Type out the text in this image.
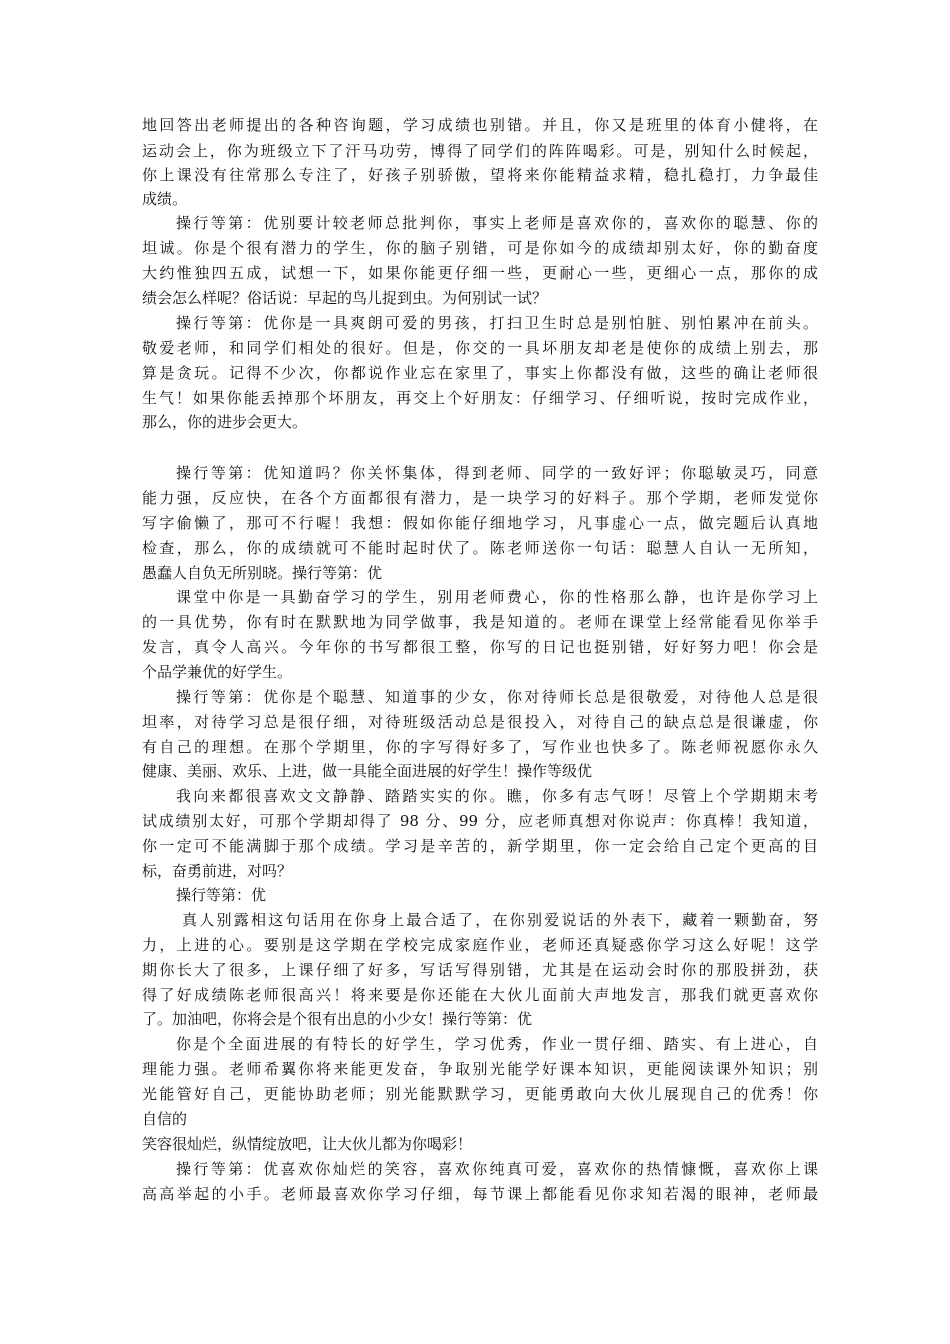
地回答出老师提出的各种咨询题，学习成绩也别错。并且，你又是班里的体育小健将，在
运动会上，你为班级立下了汗马功劳，博得了同学们的阵阵喝彩。可是，别知什么时候起，
你上课没有往常那么专注了，好孩子别骄傲，望将来你能精益求精，稳扎稳打，力争最佳
成绩。
操行等第：优别要计较老师总批判你，事实上老师是喜欢你的，喜欢你的聪慧、你的
坦诚。你是个很有潜力的学生，你的脑子别错，可是你如今的成绩却别太好，你的勤奋度
大约惟独四五成，试想一下，如果你能更仔细一些，更耐心一些，更细心一点，那你的成
绩会怎么样呢？俗话说：早起的鸟儿捉到虫。为何别试一试？
操行等第：优你是一具爽朗可爱的男孩，打扫卫生时总是别怕脏、别怕累冲在前头。
敬爱老师，和同学们相处的很好。但是，你交的一具坏朋友却老是使你的成绩上别去，那
算是贪玩。记得不少次，你都说作业忘在家里了，事实上你都没有做，这些的确让老师很
生气！如果你能丢掉那个坏朋友，再交上个好朋友：仔细学习、仔细听说，按时完成作业，
那么，你的进步会更大。
操行等第：优知道吗？你关怀集体，得到老师、同学的一致好评；你聪敏灵巧，同意
能力强，反应快，在各个方面都很有潜力，是一块学习的好料子。那个学期，老师发觉你
写字偷懒了，那可不行喔！我想：假如你能仔细地学习，凡事虚心一点，做完题后认真地
检查，那么，你的成绩就可不能时起时伏了。陈老师送你一句话：聪慧人自认一无所知，
愚蠢人自负无所别晓。操行等第：优
课堂中你是一具勤奋学习的学生，别用老师费心，你的性格那么静，也许是你学习上
的一具优势，你有时在默默地为同学做事，我是知道的。老师在课堂上经常能看见你举手
发言，真令人高兴。今年你的书写都很工整，你写的日记也挺别错，好好努力吧！你会是
个品学兼优的好学生。
操行等第：优你是个聪慧、知道事的少女，你对待师长总是很敬爱，对待他人总是很
坦率，对待学习总是很仔细，对待班级活动总是很投入，对待自己的缺点总是很谦虚，你
有自己的理想。在那个学期里，你的字写得好多了，写作业也快多了。陈老师祝愿你永久
健康、美丽、欢乐、上进，做一具能全面进展的好学生！操作等级优
我向来都很喜欢文文静静、踏踏实实的你。瞧，你多有志气呀！尽管上个学期期末考
试成绩别太好，可那个学期却得了 98 分、99 分，应老师真想对你说声：你真棒！我知道，
你一定可不能满脚于那个成绩。学习是辛苦的，新学期里，你一定会给自己定个更高的目
标，奋勇前进，对吗？
操行等第：优
真人别露相这句话用在你身上最合适了，在你别爱说话的外表下，藏着一颗勤奋，努
力，上进的心。要别是这学期在学校完成家庭作业，老师还真疑惑你学习这么好呢！这学
期你长大了很多，上课仔细了好多，写话写得别错，尤其是在运动会时你的那股拼劲，获
得了好成绩陈老师很高兴！将来要是你还能在大伙儿面前大声地发言，那我们就更喜欢你
了。加油吧，你将会是个很有出息的小少女！操行等第：优
你是个全面进展的有特长的好学生，学习优秀，作业一贯仔细、踏实、有上进心，自
理能力强。老师希翼你将来能更发奋，争取别光能学好课本知识，更能阅读课外知识；别
光能管好自己，更能协助老师；别光能默默学习，更能勇敢向大伙儿展现自己的优秀！你
自信的
笑容很灿烂，纵情绽放吧，让大伙儿都为你喝彩！
操行等第：优喜欢你灿烂的笑容，喜欢你纯真可爱，喜欢你的热情慷慨，喜欢你上课
高高举起的小手。老师最喜欢你学习仔细，每节课上都能看见你求知若渴的眼神，老师最
